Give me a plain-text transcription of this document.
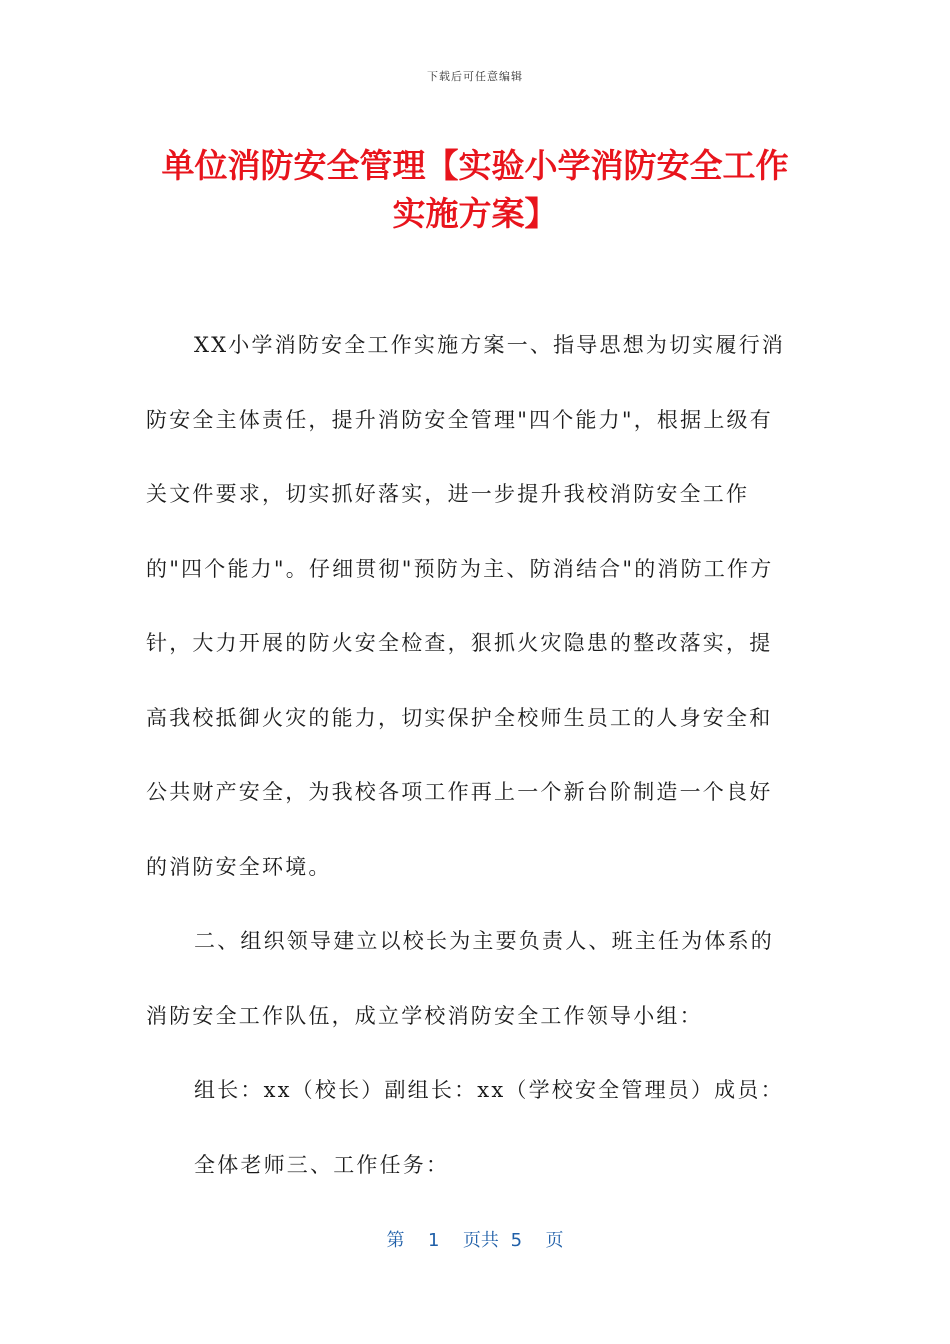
下载后可任意编辑
单位消防安全管理【实验小学消防安全工作
实施方案】
XX小学消防安全工作实施方案一、指导思想为切实履行消
防安全主体责任，提升消防安全管理"四个能力"，根据上级有
关文件要求，切实抓好落实，进一步提升我校消防安全工作
的"四个能力"。仔细贯彻"预防为主、防消结合"的消防工作方
针，大力开展的防火安全检查，狠抓火灾隐患的整改落实，提
高我校抵御火灾的能力，切实保护全校师生员工的人身安全和
公共财产安全，为我校各项工作再上一个新台阶制造一个良好
的消防安全环境。
二、组织领导建立以校长为主要负责人、班主任为体系的
消防安全工作队伍，成立学校消防安全工作领导小组：
组长：xx（校长）副组长：xx（学校安全管理员）成员：
全体老师三、工作任务：
第  1  页共 5  页
